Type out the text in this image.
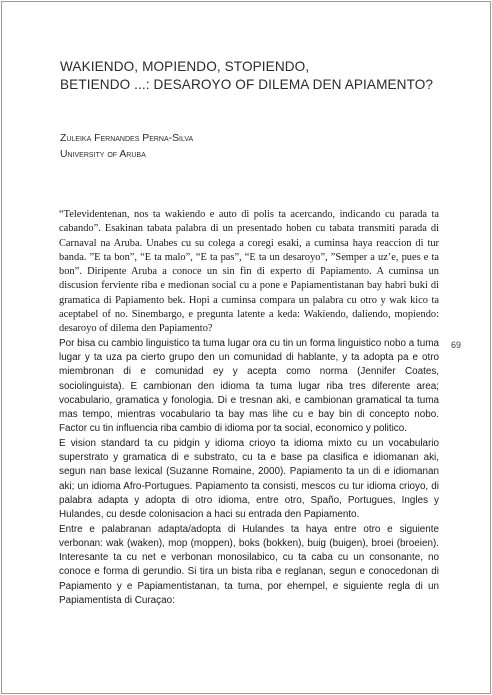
WAKIENDO, MOPIENDO, STOPIENDO,
BETIENDO ...: DESAROYO OF DILEMA DEN APIAMENTO?
Zuleika Fernandes Perna-Silva
University of Aruba

“Televidentenan, nos ta wakiendo e auto di polis ta acercando, indicando cu parada ta cabando”. Esakinan tabata palabra di un presentado hoben cu tabata transmiti parada di Carnaval na Aruba. Unabes cu su colega a coregi esaki, a cuminsa haya reaccion di tur banda. ”E ta bon”, “E ta malo”, “E ta pas”, “E ta un desaroyo”, ”Semper a uz’e, pues e ta bon”. Diripente Aruba a conoce un sin fin di experto di Papiamento. A cuminsa un discusion ferviente riba e medionan social cu a pone e Papiamentistanan bay habri buki di gramatica di Papiamento bek. Hopi a cuminsa compara un palabra cu otro y wak kico ta aceptabel of no. Sinembargo, e pregunta latente a keda: Wakiendo, daliendo, mopiendo: desaroyo of dilema den Papiamento?

Por bisa cu cambio linguistico ta tuma lugar ora cu tin un forma linguistico nobo a tuma lugar y ta uza pa cierto grupo den un comunidad di hablante, y ta adopta pa e otro miembronan di e comunidad ey y acepta como norma (Jennifer Coates, sociolinguista). E cambionan den idioma ta tuma lugar riba tres diferente area; vocabulario, gramatica y fonologia. Di e tresnan aki, e cambionan gramatical ta tuma mas tempo, mientras vocabulario ta bay mas lihe cu e bay bin di concepto nobo. Factor cu tin influencia riba cambio di idioma por ta social, economico y politico.

E vision standard ta cu pidgin y idioma crioyo ta idioma mixto cu un vocabulario superstrato y gramatica di e substrato, cu ta e base pa clasifica e idiomanan aki, segun nan base lexical (Suzanne Romaine, 2000). Papiamento ta un di e idiomanan aki; un idioma Afro-Portugues. Papiamento ta consisti, mescos cu tur idioma crioyo, di palabra adapta y adopta di otro idioma, entre otro, Spaño, Portugues, Ingles y Hulandes, cu desde colonisacion a haci su entrada den Papiamento.

Entre e palabranan adapta/adopta di Hulandes ta haya entre otro e siguiente verbonan: wak (waken), mop (moppen), boks (bokken), buig (buigen), broei (broeien). Interesante ta cu net e verbonan monosilabico, cu ta caba cu un consonante, no conoce e forma di gerundio. Si tira un bista riba e reglanan, segun e conocedonan di Papiamento y e Papiamentistanan, ta tuma, por ehempel, e siguiente regla di un Papiamentista di Curaçao:

69
